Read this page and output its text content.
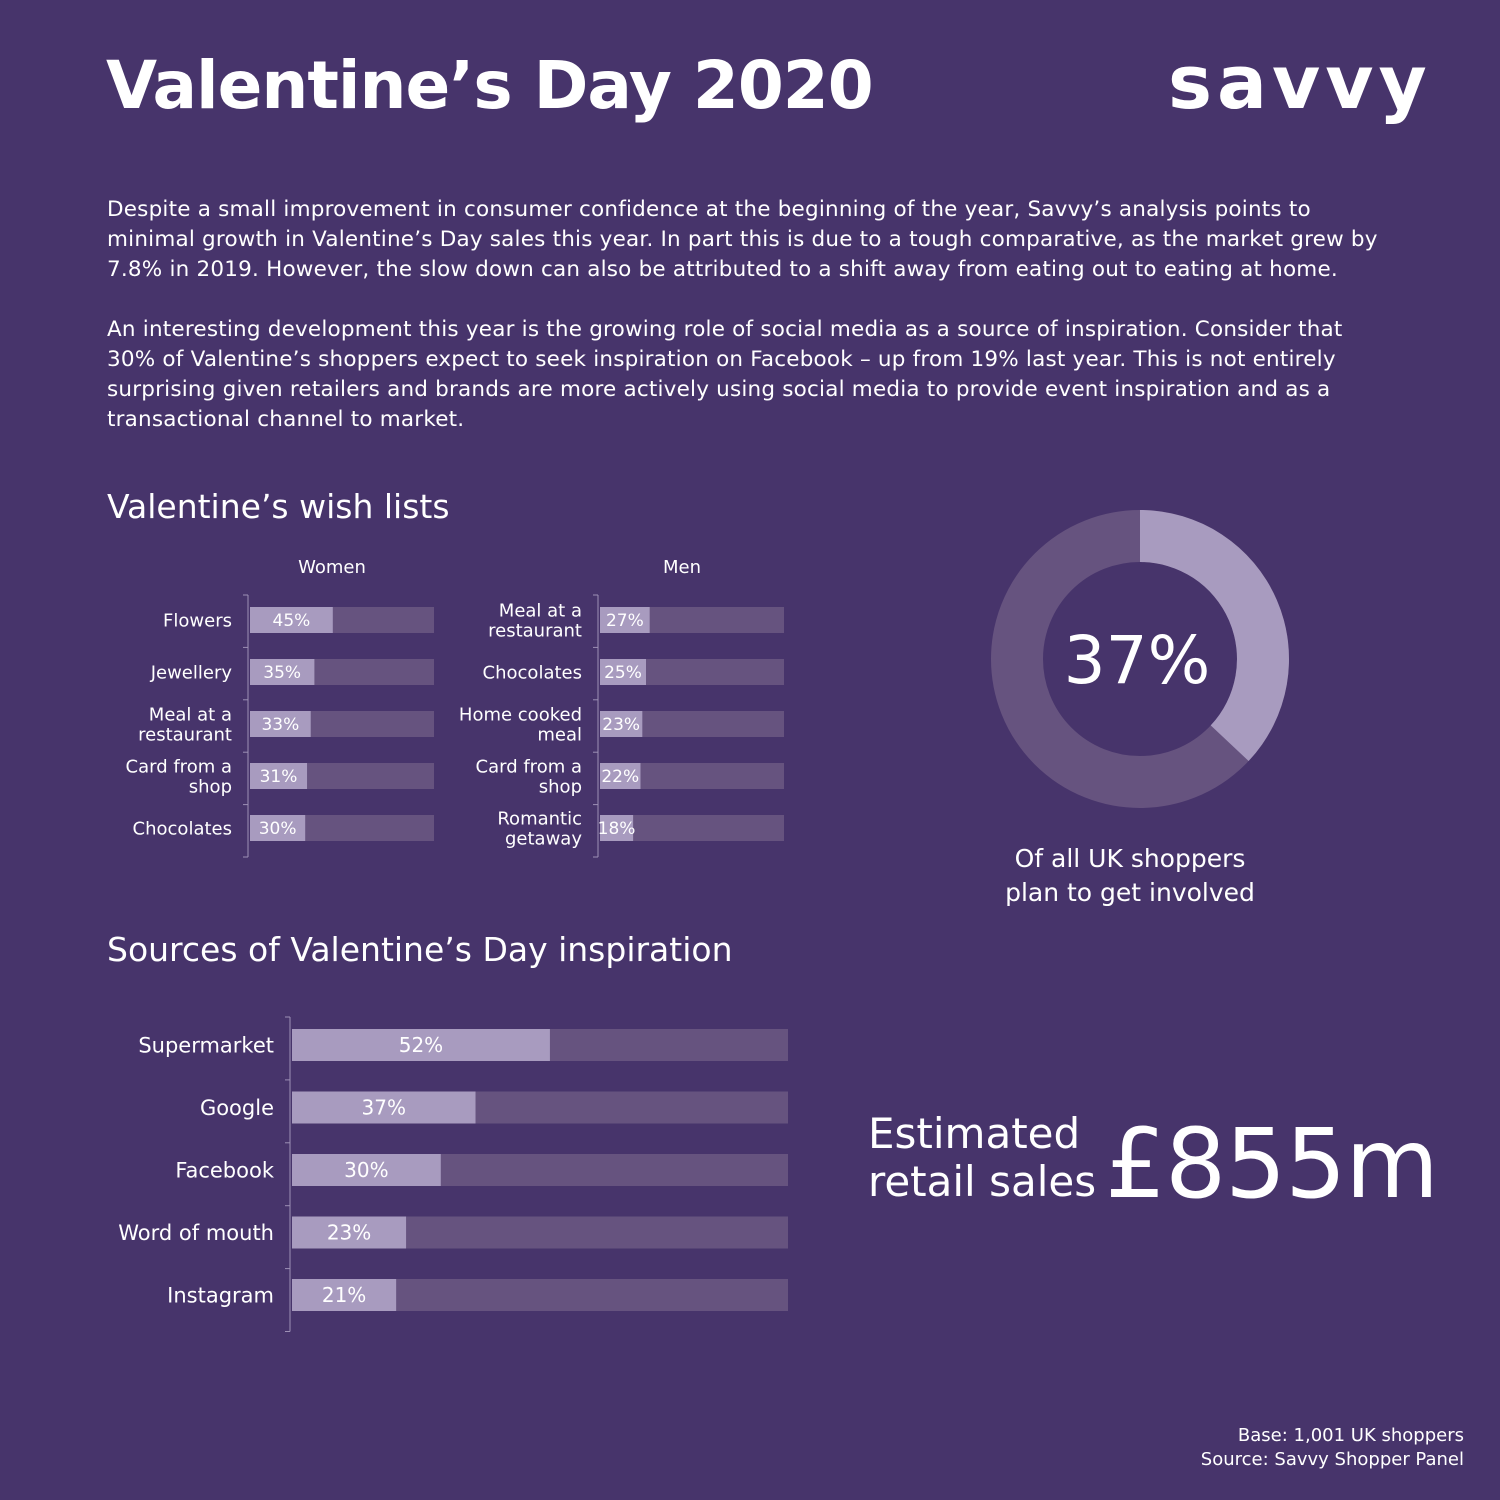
Valentine’s Day 2020	savvy

Despite a small improvement in consumer confidence at the beginning of the year, Savvy’s analysis points to minimal growth in Valentine’s Day sales this year. In part this is due to a tough comparative, as the market grew by 7.8% in 2019. However, the slow down can also be attributed to a shift away from eating out to eating at home.

An interesting development this year is the growing role of social media as a source of inspiration. Consider that 30% of Valentine’s shoppers expect to seek inspiration on Facebook – up from 19% last year. This is not entirely surprising given retailers and brands are more actively using social media to provide event inspiration and as a transactional channel to market.

Valentine’s wish lists
Women
45%
Flowers
35%
Jewellery
33%
Meal at a
restaurant
31%
Card from a
shop
30%
Chocolates
Men
27%
Meal at a
restaurant
25%
Chocolates
23%
Home cooked
meal
22%
Card from a
shop
18%
Romantic
getaway
37%
Of all UK shoppers plan to get involved
Sources of Valentine’s Day inspiration
52%
Supermarket
37%
Google
30%
Facebook
23%
Word of mouth
21%
Instagram
Estimated retail sales £855m
Base: 1,001 UK shoppers
Source: Savvy Shopper Panel
